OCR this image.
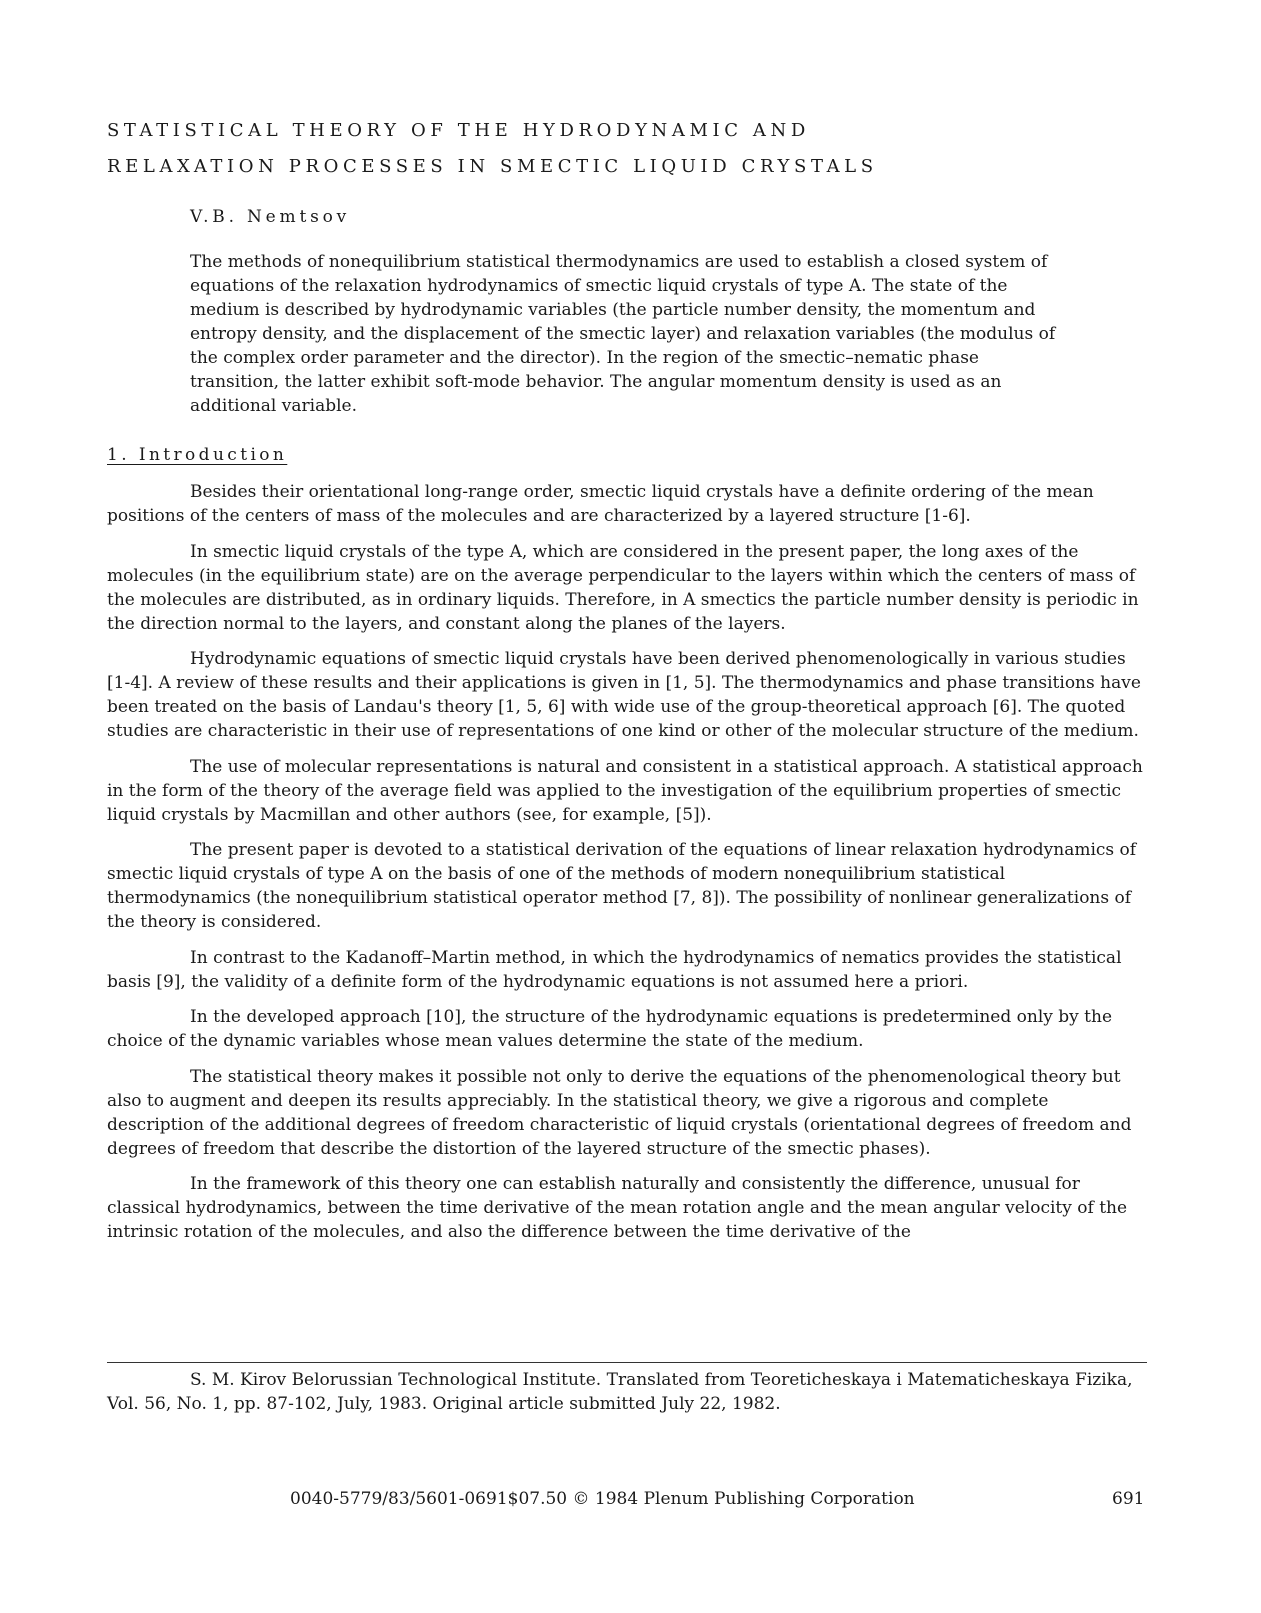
STATISTICAL THEORY OF THE HYDRODYNAMIC AND
RELAXATION PROCESSES IN SMECTIC LIQUID CRYSTALS
V.B. Nemtsov

The methods of nonequilibrium statistical thermodynamics are used to establish a closed system of equations of the relaxation hydrodynamics of smectic liquid crystals of type A. The state of the medium is described by hydrodynamic variables (the particle number density, the momentum and entropy density, and the displacement of the smectic layer) and relaxation variables (the modulus of the complex order parameter and the director). In the region of the smectic–nematic phase transition, the latter exhibit soft-mode behavior. The angular momentum density is used as an additional variable.

1. Introduction

Besides their orientational long-range order, smectic liquid crystals have a definite ordering of the mean positions of the centers of mass of the molecules and are characterized by a layered structure [1-6].

In smectic liquid crystals of the type A, which are considered in the present paper, the long axes of the molecules (in the equilibrium state) are on the average perpendicular to the layers within which the centers of mass of the molecules are distributed, as in ordinary liquids. Therefore, in A smectics the particle number density is periodic in the direction normal to the layers, and constant along the planes of the layers.

Hydrodynamic equations of smectic liquid crystals have been derived phenomenologically in various studies [1-4]. A review of these results and their applications is given in [1, 5]. The thermodynamics and phase transitions have been treated on the basis of Landau's theory [1, 5, 6] with wide use of the group-theoretical approach [6]. The quoted studies are characteristic in their use of representations of one kind or other of the molecular structure of the medium.

The use of molecular representations is natural and consistent in a statistical approach. A statistical approach in the form of the theory of the average field was applied to the investigation of the equilibrium properties of smectic liquid crystals by Macmillan and other authors (see, for example, [5]).

The present paper is devoted to a statistical derivation of the equations of linear relaxation hydrodynamics of smectic liquid crystals of type A on the basis of one of the methods of modern nonequilibrium statistical thermodynamics (the nonequilibrium statistical operator method [7, 8]). The possibility of nonlinear generalizations of the theory is considered.

In contrast to the Kadanoff–Martin method, in which the hydrodynamics of nematics provides the statistical basis [9], the validity of a definite form of the hydrodynamic equations is not assumed here a priori.

In the developed approach [10], the structure of the hydrodynamic equations is predetermined only by the choice of the dynamic variables whose mean values determine the state of the medium.

The statistical theory makes it possible not only to derive the equations of the phenomenological theory but also to augment and deepen its results appreciably. In the statistical theory, we give a rigorous and complete description of the additional degrees of freedom characteristic of liquid crystals (orientational degrees of freedom and degrees of freedom that describe the distortion of the layered structure of the smectic phases).

In the framework of this theory one can establish naturally and consistently the difference, unusual for classical hydrodynamics, between the time derivative of the mean rotation angle and the mean angular velocity of the intrinsic rotation of the molecules, and also the difference between the time derivative of the

S. M. Kirov Belorussian Technological Institute. Translated from Teoreticheskaya i Matematicheskaya Fizika, Vol. 56, No. 1, pp. 87-102, July, 1983. Original article submitted July 22, 1982.

0040-5779/83/5601-0691$07.50 © 1984 Plenum Publishing Corporation	691
